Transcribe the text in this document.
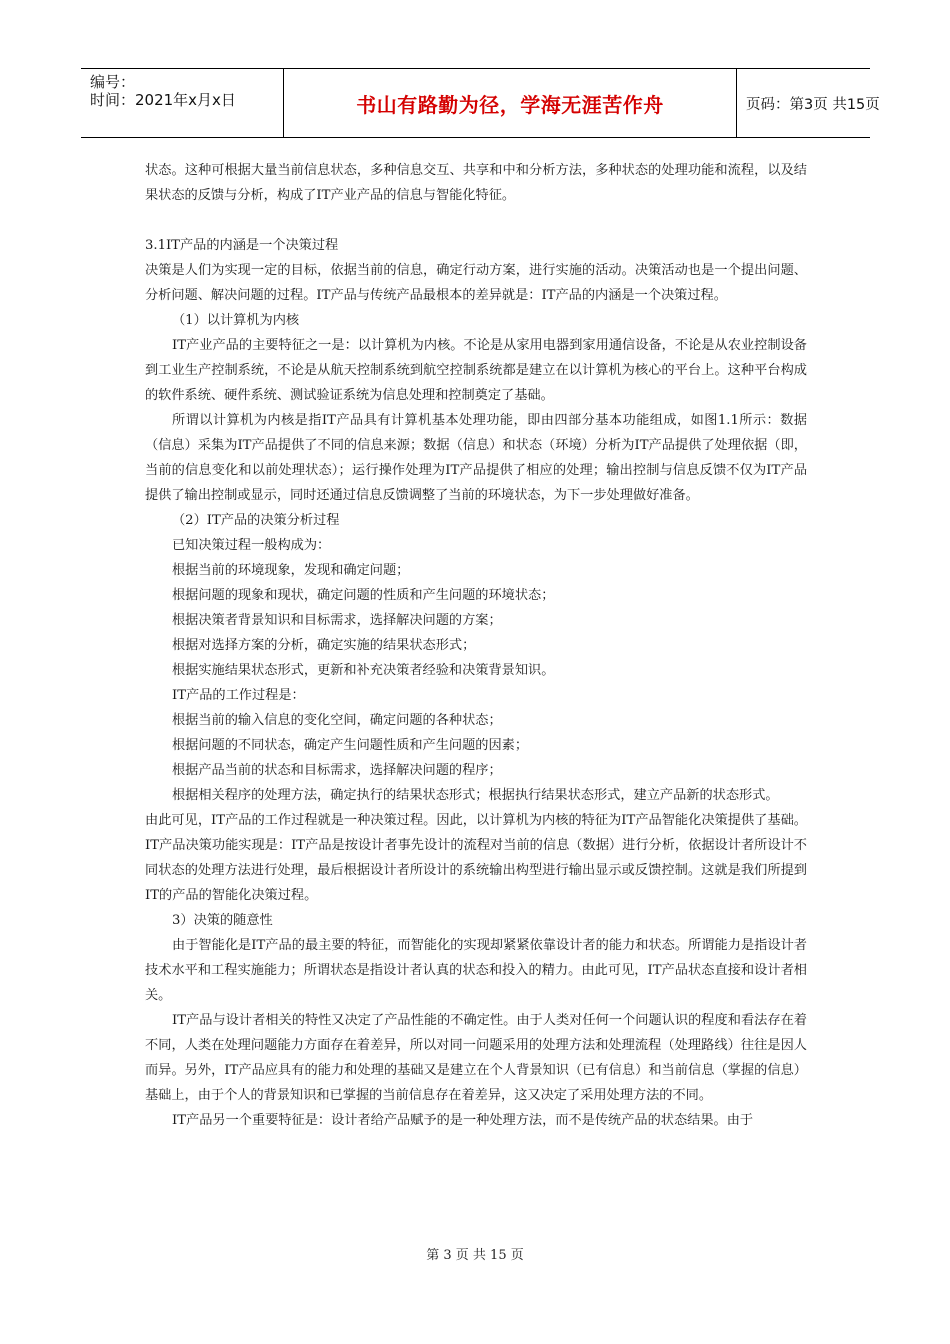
编号：
时间：2021年x月x日	书山有路勤为径，学海无涯苦作舟	页码：第3页 共15页

状态。这种可根据大量当前信息状态，多种信息交互、共享和中和分析方法，多种状态的处理功能和流程，以及结果状态的反馈与分析，构成了IT产业产品的信息与智能化特征。

3.1IT产品的内涵是一个决策过程

决策是人们为实现一定的目标，依据当前的信息，确定行动方案，进行实施的活动。决策活动也是一个提出问题、分析问题、解决问题的过程。IT产品与传统产品最根本的差异就是：IT产品的内涵是一个决策过程。

（1）以计算机为内核

IT产业产品的主要特征之一是：以计算机为内核。不论是从家用电器到家用通信设备，不论是从农业控制设备到工业生产控制系统，不论是从航天控制系统到航空控制系统都是建立在以计算机为核心的平台上。这种平台构成的软件系统、硬件系统、测试验证系统为信息处理和控制奠定了基础。

所谓以计算机为内核是指IT产品具有计算机基本处理功能，即由四部分基本功能组成，如图1.1所示：数据（信息）采集为IT产品提供了不同的信息来源；数据（信息）和状态（环境）分析为IT产品提供了处理依据（即，当前的信息变化和以前处理状态）；运行操作处理为IT产品提供了相应的处理；输出控制与信息反馈不仅为IT产品提供了输出控制或显示，同时还通过信息反馈调整了当前的环境状态，为下一步处理做好准备。

（2）IT产品的决策分析过程

已知决策过程一般构成为：

根据当前的环境现象，发现和确定问题；

根据问题的现象和现状，确定问题的性质和产生问题的环境状态；

根据决策者背景知识和目标需求，选择解决问题的方案；

根据对选择方案的分析，确定实施的结果状态形式；

根据实施结果状态形式，更新和补充决策者经验和决策背景知识。

IT产品的工作过程是：

根据当前的输入信息的变化空间，确定问题的各种状态；

根据问题的不同状态，确定产生问题性质和产生问题的因素；

根据产品当前的状态和目标需求，选择解决问题的程序；

根据相关程序的处理方法，确定执行的结果状态形式；根据执行结果状态形式，建立产品新的状态形式。

由此可见，IT产品的工作过程就是一种决策过程。因此，以计算机为内核的特征为IT产品智能化决策提供了基础。IT产品决策功能实现是：IT产品是按设计者事先设计的流程对当前的信息（数据）进行分析，依据设计者所设计不同状态的处理方法进行处理，最后根据设计者所设计的系统输出构型进行输出显示或反馈控制。这就是我们所提到IT的产品的智能化决策过程。

3）决策的随意性

由于智能化是IT产品的最主要的特征，而智能化的实现却紧紧依靠设计者的能力和状态。所谓能力是指设计者技术水平和工程实施能力；所谓状态是指设计者认真的状态和投入的精力。由此可见，IT产品状态直接和设计者相关。

IT产品与设计者相关的特性又决定了产品性能的不确定性。由于人类对任何一个问题认识的程度和看法存在着不同，人类在处理问题能力方面存在着差异，所以对同一问题采用的处理方法和处理流程（处理路线）往往是因人而异。另外，IT产品应具有的能力和处理的基础又是建立在个人背景知识（已有信息）和当前信息（掌握的信息）基础上，由于个人的背景知识和已掌握的当前信息存在着差异，这又决定了采用处理方法的不同。

IT产品另一个重要特征是：设计者给产品赋予的是一种处理方法，而不是传统产品的状态结果。由于

第 3 页 共 15 页
